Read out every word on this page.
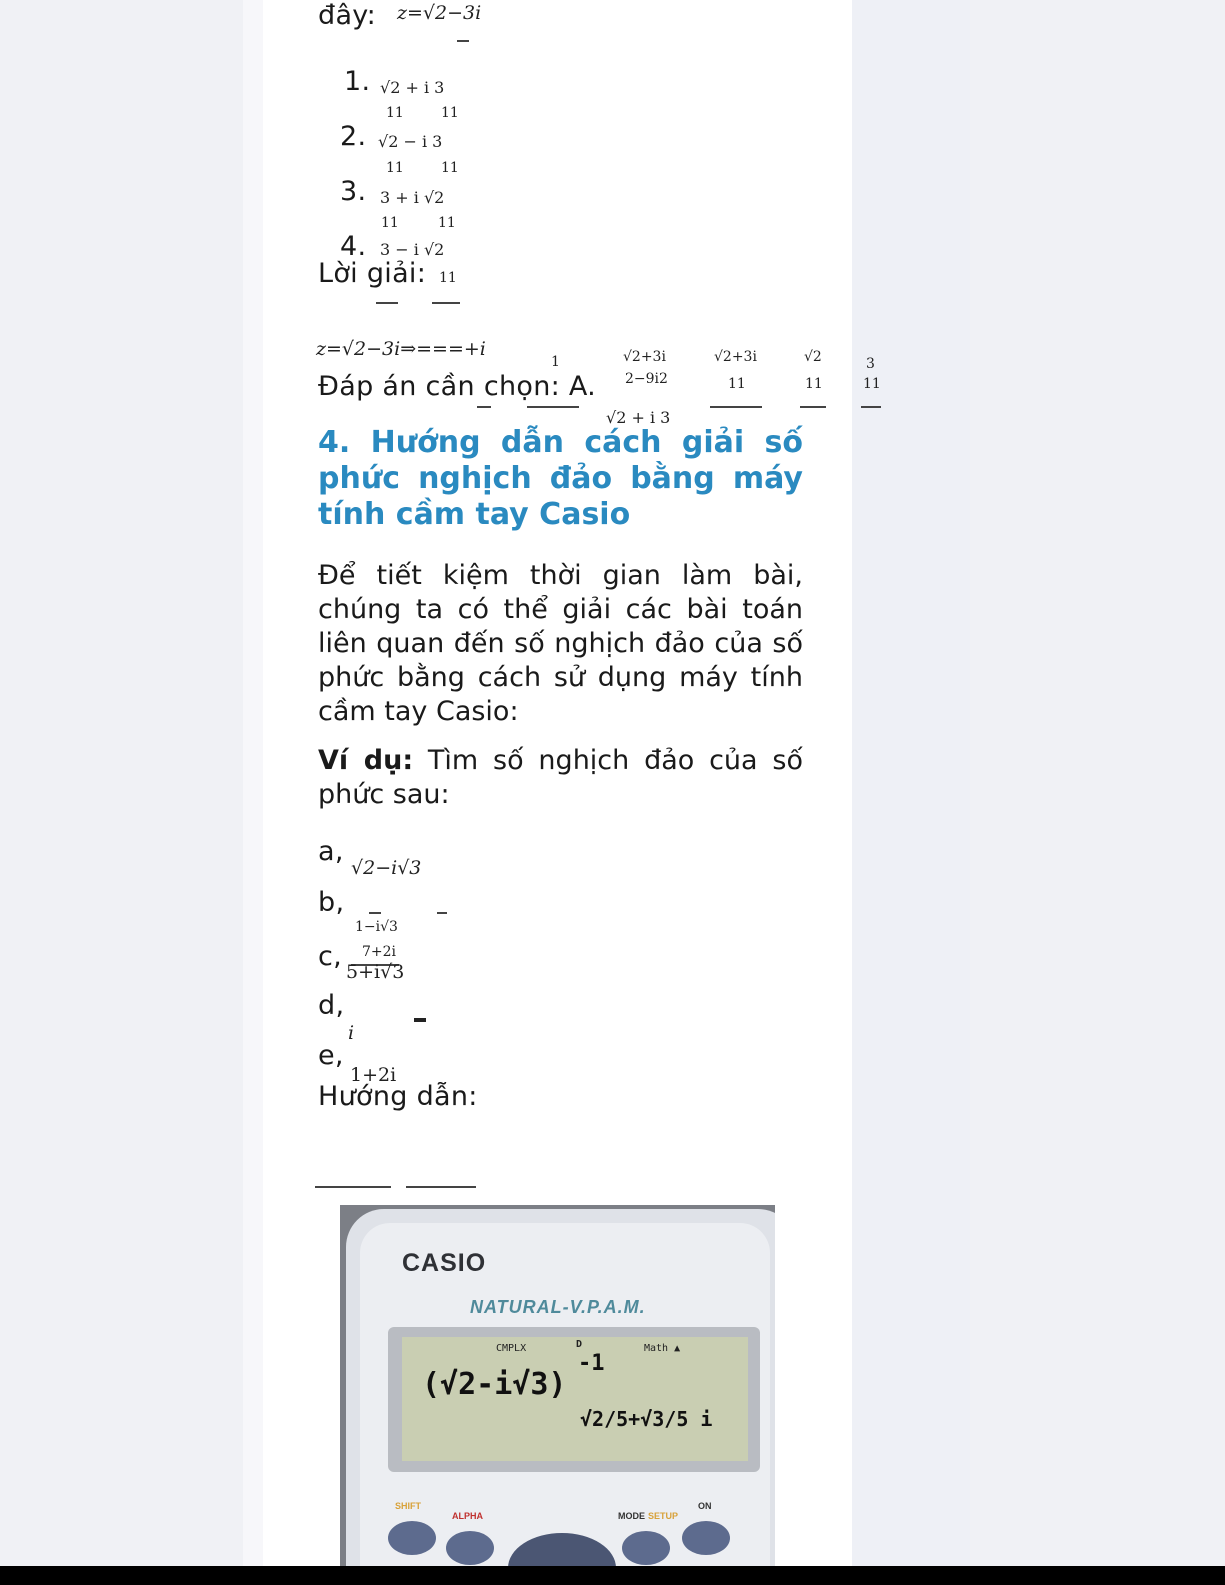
đây: z=√2−3i
1. √2 + i 3
11	11
2. √2 − i 3
11	11
3. 3 + i √2
11	11
4. 3 − i √2
Lời giải: 11
z=√2−3i⇒===+i
1	√2+3i	√2+3i	√2	3
2−9i2	11	11	11
Đáp án cần chọn: A.
√2 + i 3
4. Hướng dẫn cách giải số phức nghịch đảo bằng máy tính cầm tay Casio
Để tiết kiệm thời gian làm bài, chúng ta có thể giải các bài toán liên quan đến số nghịch đảo của số phức bằng cách sử dụng máy tính cầm tay Casio:
Ví dụ: Tìm số nghịch đảo của số phức sau:
a,
√2−i√3
b,
1−i√3
c, 7+2i
5+i√3
d,
i
e,
1+2i
Hướng dẫn:
CASIO
NATURAL-V.P.A.M.
CMPLX	D	Math ▲
(√2-i√3)
-1
√2/5+√3/5 i
SHIFT
ALPHA	MODE SETUP
ON
